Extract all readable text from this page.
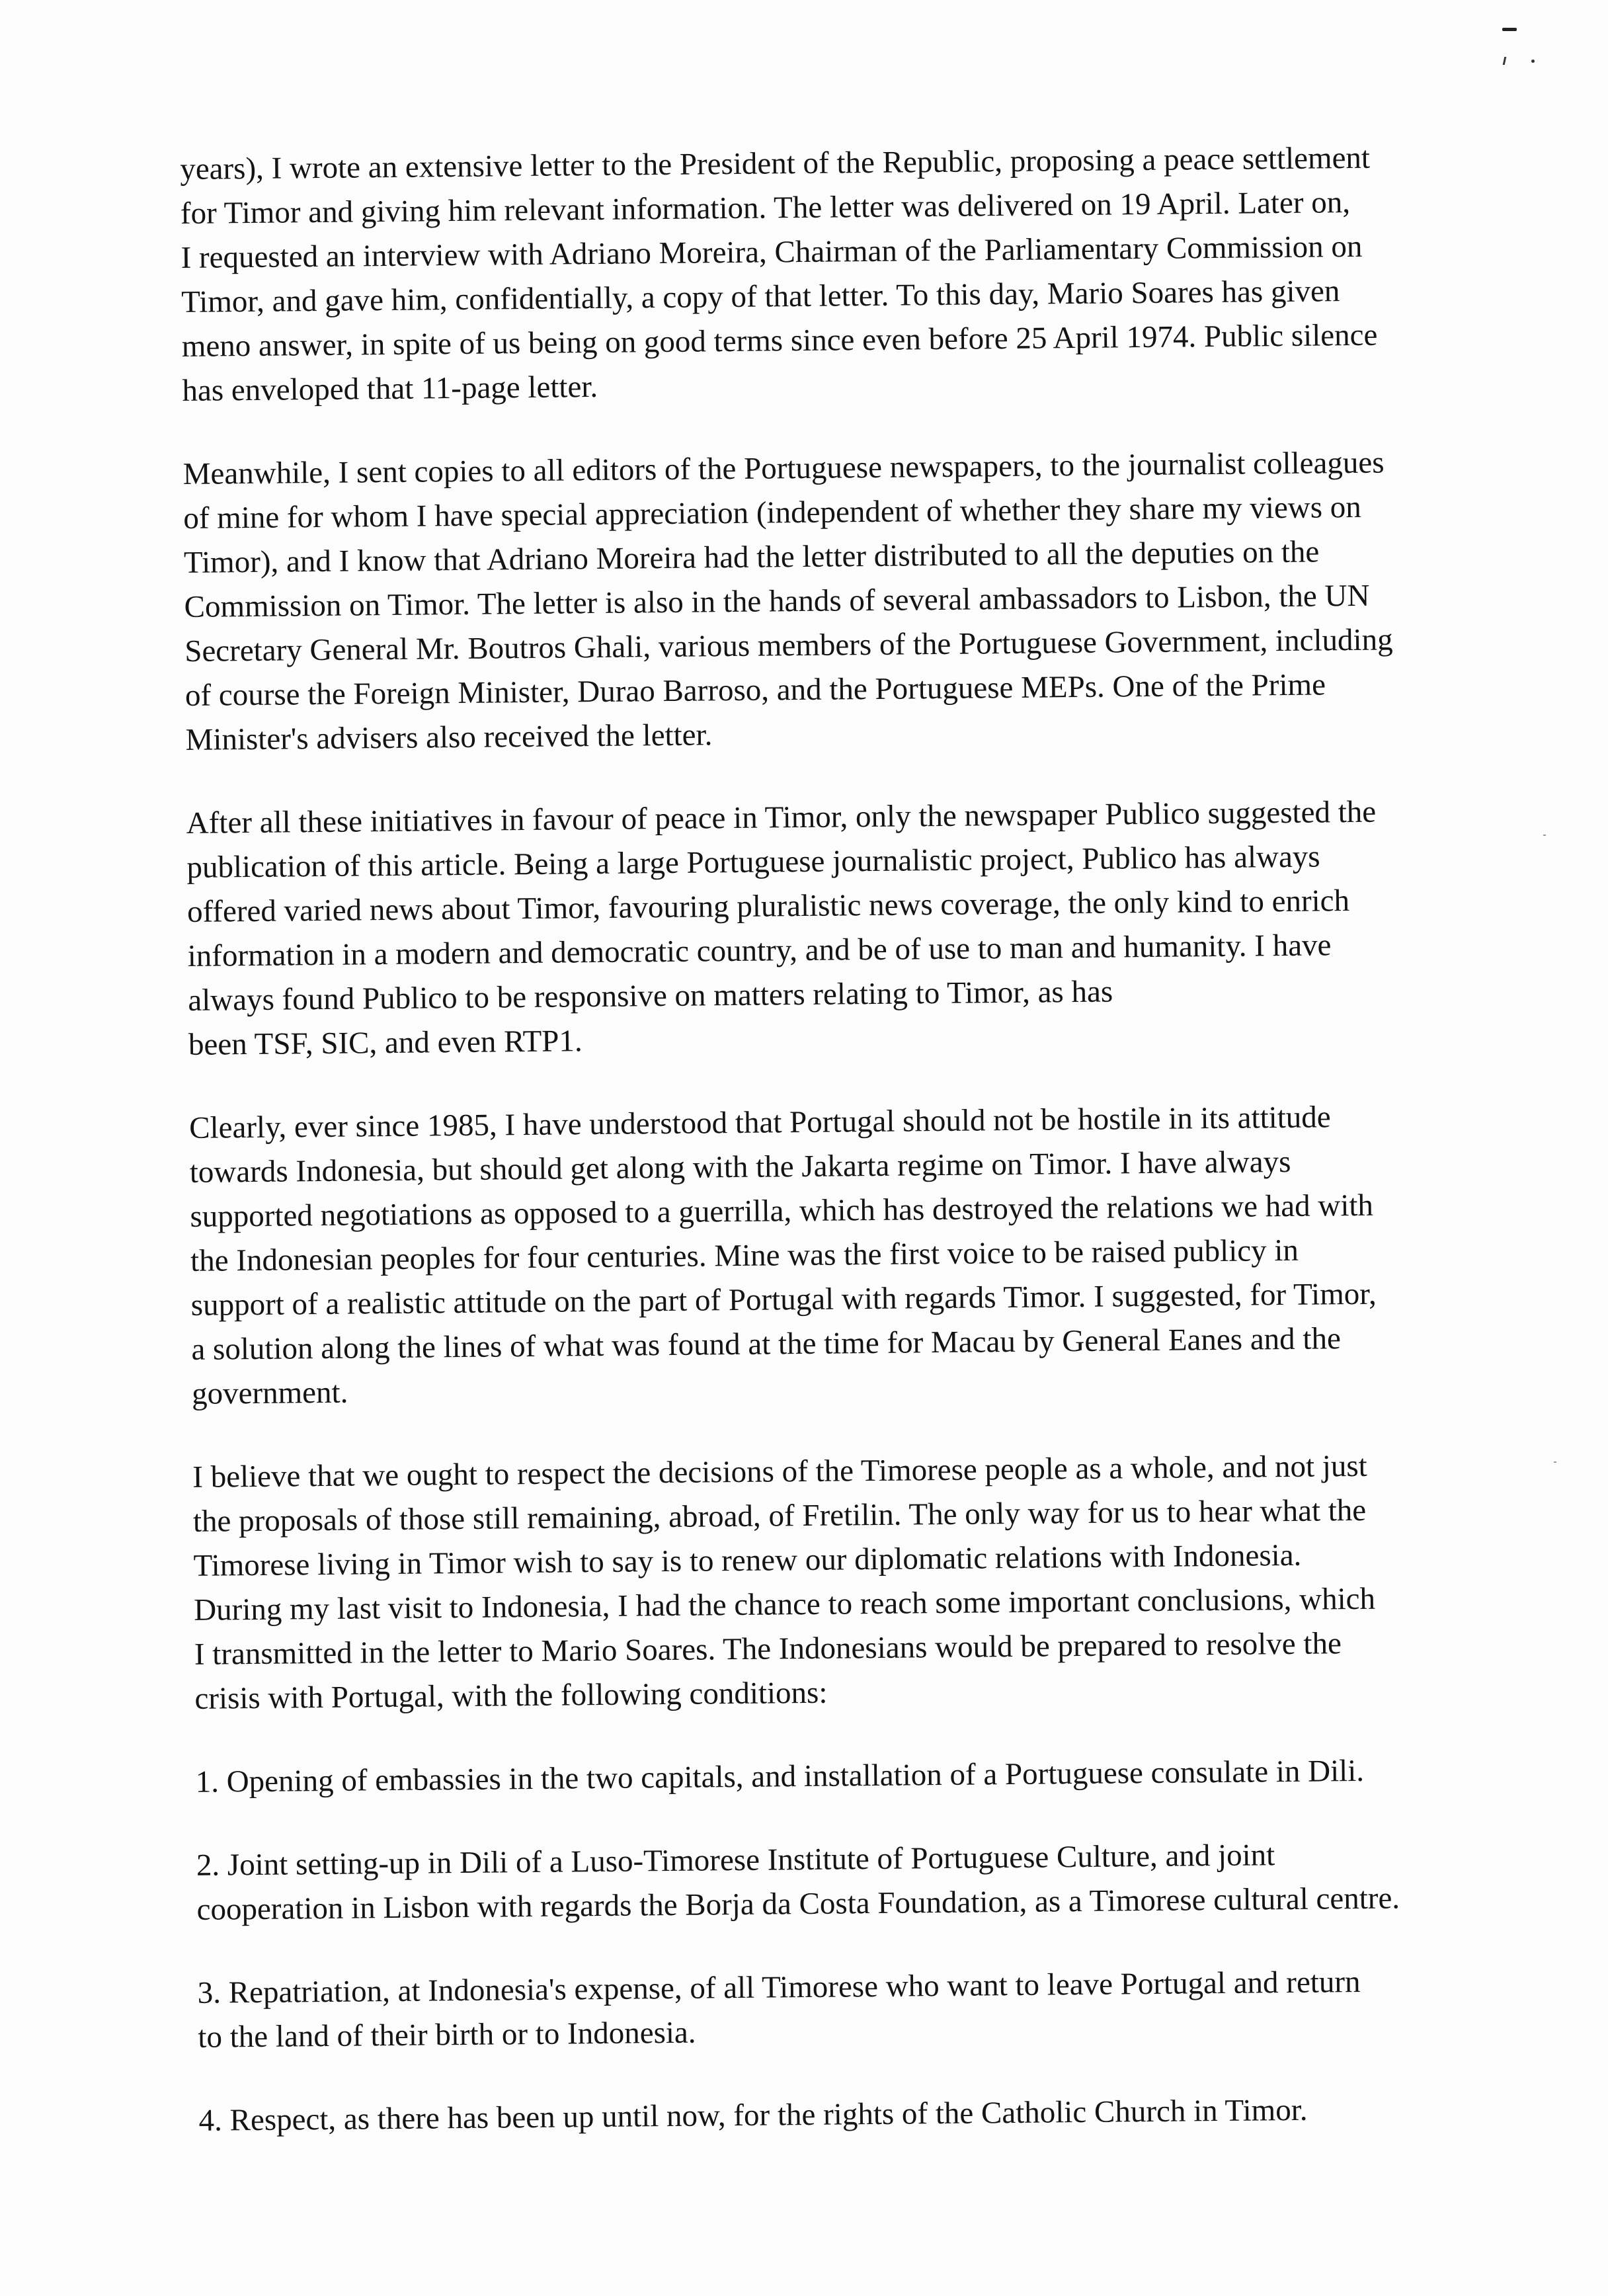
years), I wrote an extensive letter to the President of the Republic, proposing a peace settlement
for Timor and giving him relevant information. The letter was delivered on 19 April. Later on,
I requested an interview with Adriano Moreira, Chairman of the Parliamentary Commission on
Timor, and gave him, confidentially, a copy of that letter. To this day, Mario Soares has given
meno answer, in spite of us being on good terms since even before 25 April 1974. Public silence
has enveloped that 11-page letter.
Meanwhile, I sent copies to all editors of the Portuguese newspapers, to the journalist colleagues
of mine for whom I have special appreciation (independent of whether they share my views on
Timor), and I know that Adriano Moreira had the letter distributed to all the deputies on the
Commission on Timor. The letter is also in the hands of several ambassadors to Lisbon, the UN
Secretary General Mr. Boutros Ghali, various members of the Portuguese Government, including
of course the Foreign Minister, Durao Barroso, and the Portuguese MEPs. One of the Prime
Minister's advisers also received the letter.
After all these initiatives in favour of peace in Timor, only the newspaper Publico suggested the
publication of this article. Being a large Portuguese journalistic project, Publico has always
offered varied news about Timor, favouring pluralistic news coverage, the only kind to enrich
information in a modern and democratic country, and be of use to man and humanity. I have
always found Publico to be responsive on matters relating to Timor, as has
been TSF, SIC, and even RTP1.
Clearly, ever since 1985, I have understood that Portugal should not be hostile in its attitude
towards Indonesia, but should get along with the Jakarta regime on Timor. I have always
supported negotiations as opposed to a guerrilla, which has destroyed the relations we had with
the Indonesian peoples for four centuries. Mine was the first voice to be raised publicy in
support of a realistic attitude on the part of Portugal with regards Timor. I suggested, for Timor,
a solution along the lines of what was found at the time for Macau by General Eanes and the
government.
I believe that we ought to respect the decisions of the Timorese people as a whole, and not just
the proposals of those still remaining, abroad, of Fretilin. The only way for us to hear what the
Timorese living in Timor wish to say is to renew our diplomatic relations with Indonesia.
During my last visit to Indonesia, I had the chance to reach some important conclusions, which
I transmitted in the letter to Mario Soares. The Indonesians would be prepared to resolve the
crisis with Portugal, with the following conditions:
1. Opening of embassies in the two capitals, and installation of a Portuguese consulate in Dili.
2. Joint setting-up in Dili of a Luso-Timorese Institute of Portuguese Culture, and joint
cooperation in Lisbon with regards the Borja da Costa Foundation, as a Timorese cultural centre.
3. Repatriation, at Indonesia's expense, of all Timorese who want to leave Portugal and return
to the land of their birth or to Indonesia.
4. Respect, as there has been up until now, for the rights of the Catholic Church in Timor.
